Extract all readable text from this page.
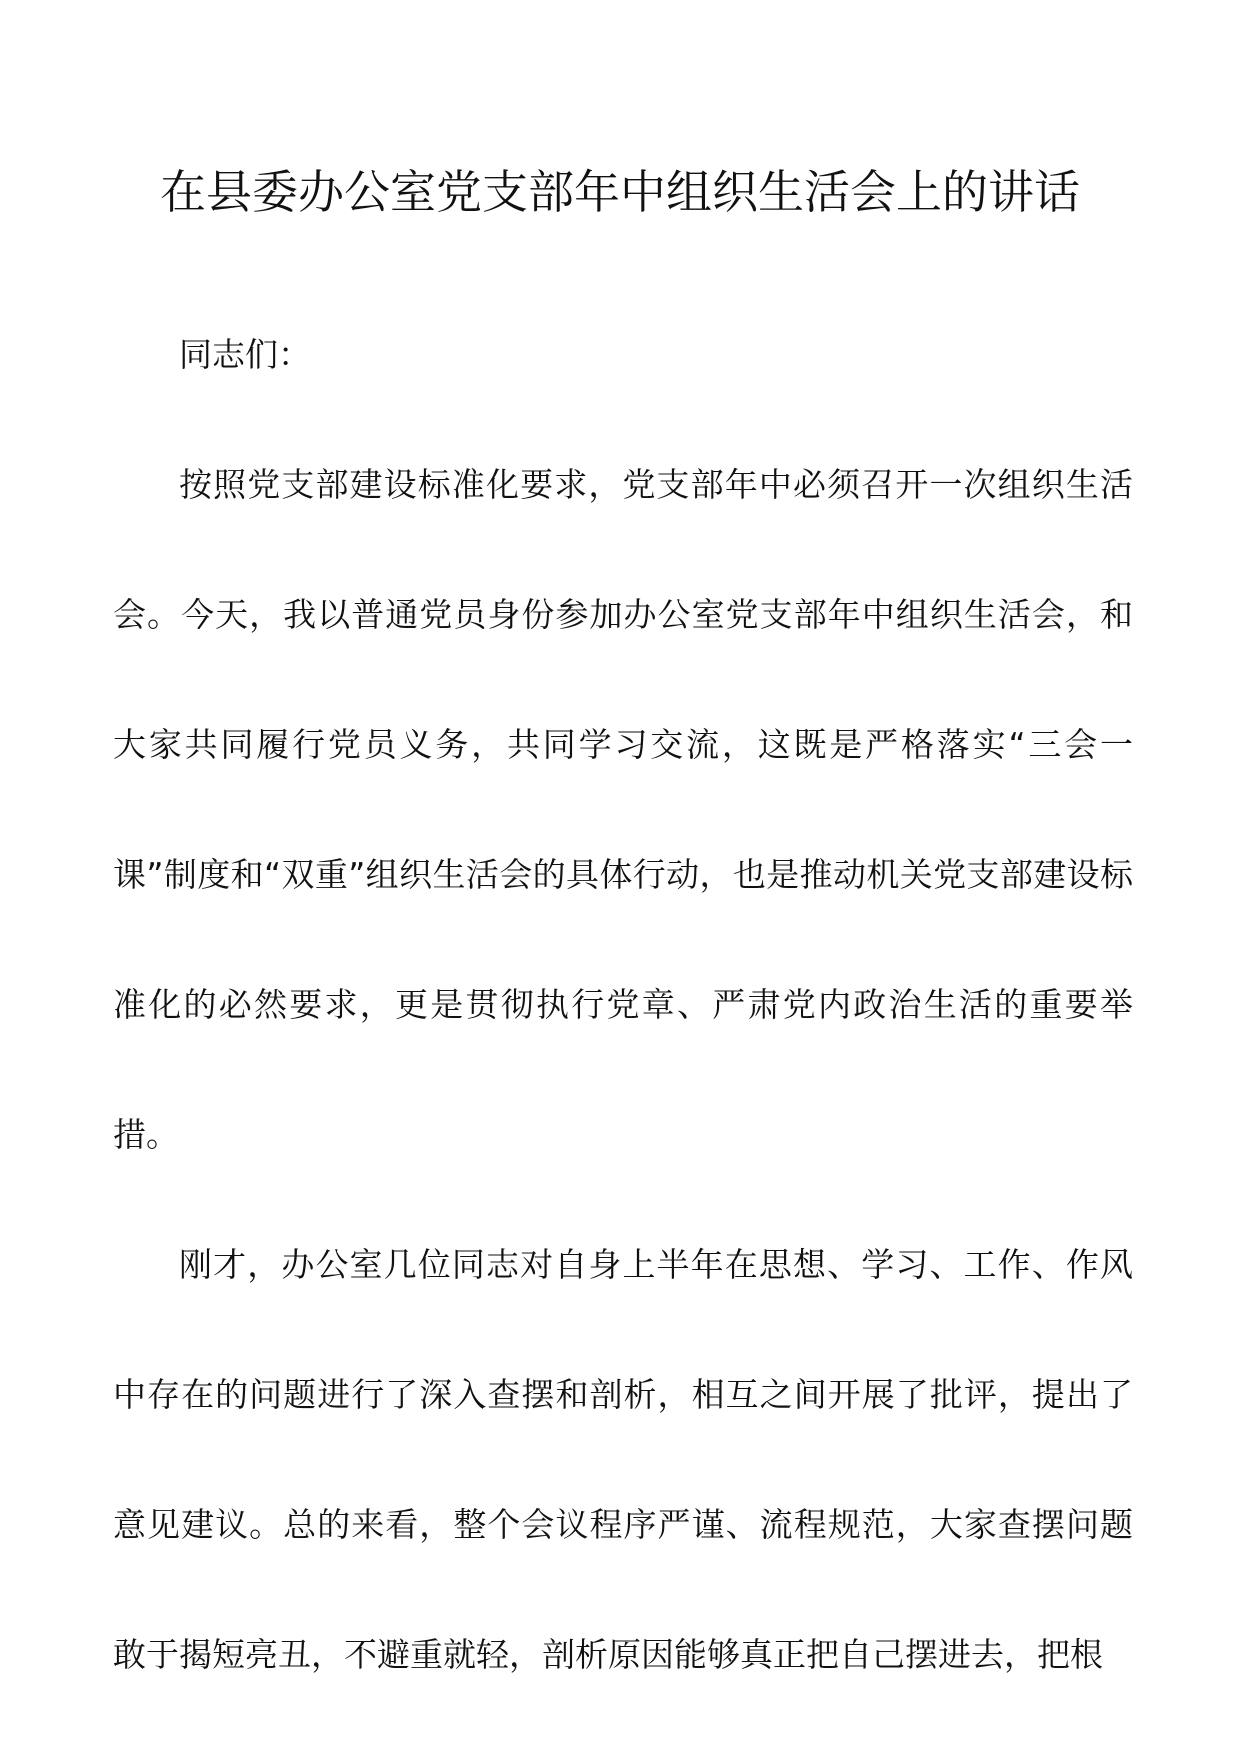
在县委办公室党支部年中组织生活会上的讲话

同志们：

按照党支部建设标准化要求，党支部年中必须召开一次组织生活会。今天，我以普通党员身份参加办公室党支部年中组织生活会，和大家共同履行党员义务，共同学习交流，这既是严格落实“三会一课”制度和“双重”组织生活会的具体行动，也是推动机关党支部建设标准化的必然要求，更是贯彻执行党章、严肃党内政治生活的重要举措。

刚才，办公室几位同志对自身上半年在思想、学习、工作、作风中存在的问题进行了深入查摆和剖析，相互之间开展了批评，提出了意见建议。总的来看，整个会议程序严谨、流程规范，大家查摆问题敢于揭短亮丑，不避重就轻，剖析原因能够真正把自己摆进去，把根
